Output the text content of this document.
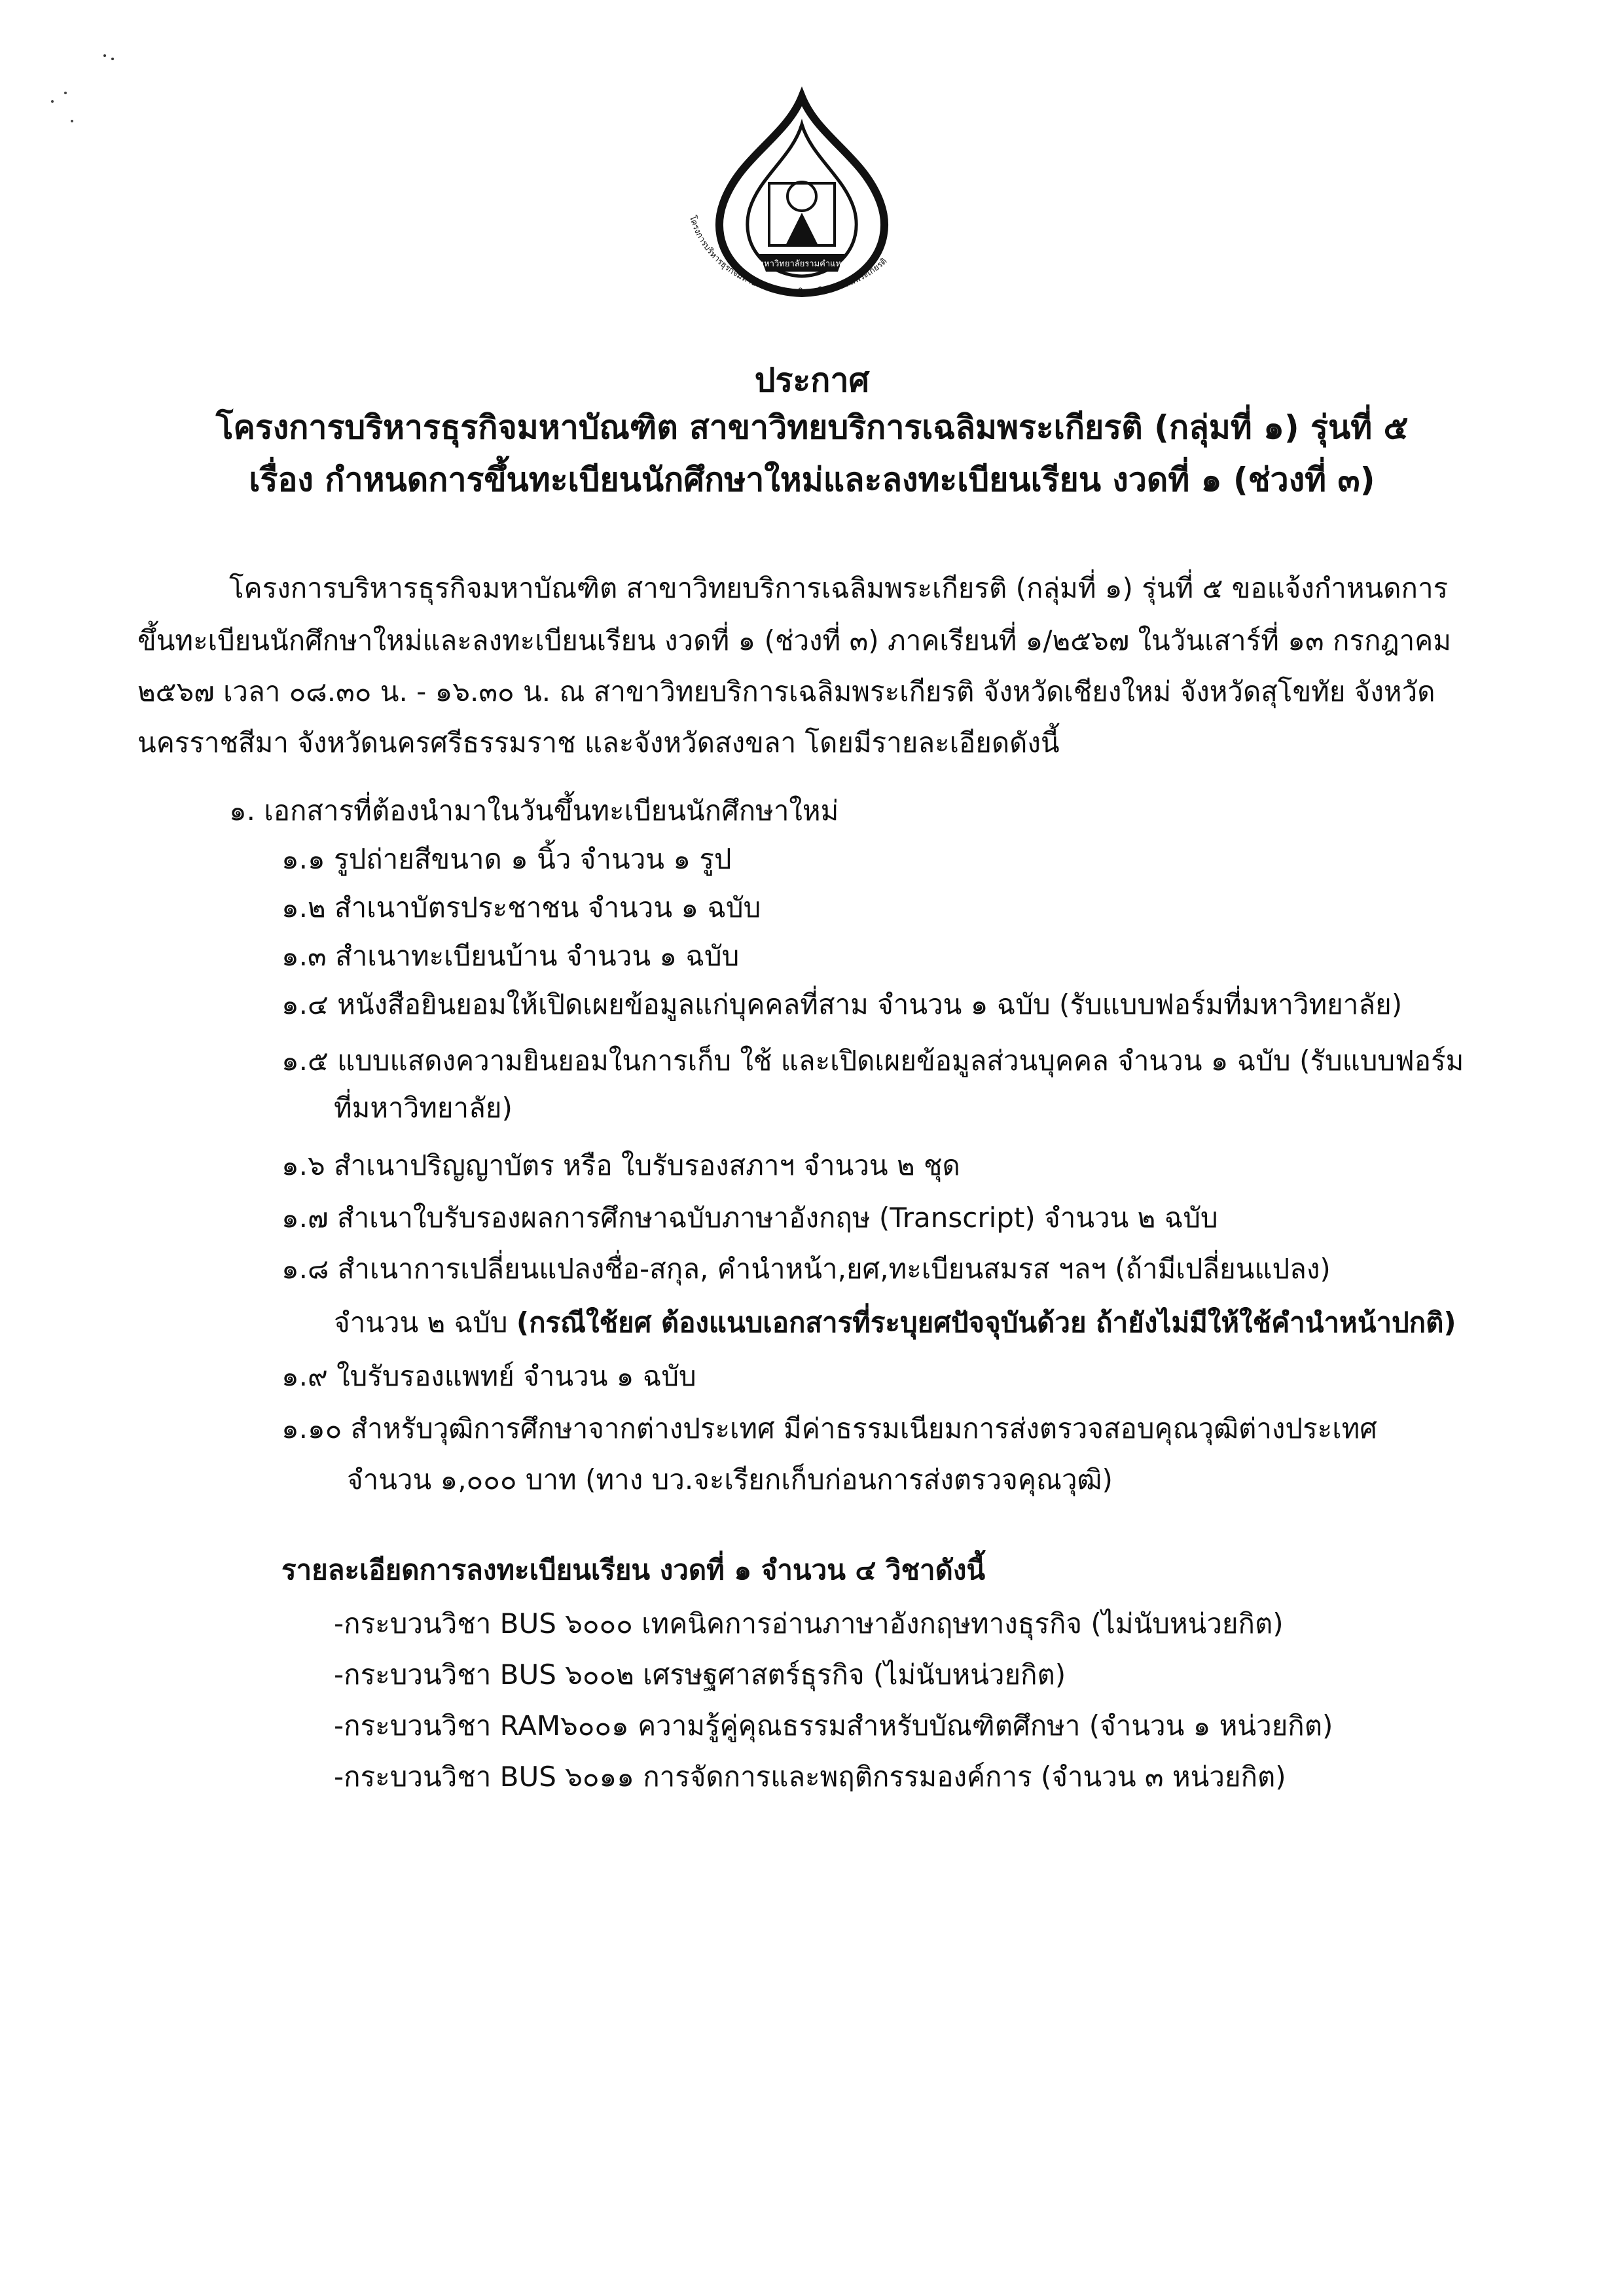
โครงการบริหารธุรกิจมหาบัณฑิต สาขาวิทยบริการเฉลิมพระเกียรติ
มหาวิทยาลัยรามคำแหง
ประกาศ
โครงการบริหารธุรกิจมหาบัณฑิต สาขาวิทยบริการเฉลิมพระเกียรติ (กลุ่มที่ ๑) รุ่นที่ ๕
เรื่อง กำหนดการขึ้นทะเบียนนักศึกษาใหม่และลงทะเบียนเรียน งวดที่ ๑ (ช่วงที่ ๓)
โครงการบริหารธุรกิจมหาบัณฑิต สาขาวิทยบริการเฉลิมพระเกียรติ (กลุ่มที่ ๑) รุ่นที่ ๕ ขอแจ้งกำหนดการ
ขึ้นทะเบียนนักศึกษาใหม่และลงทะเบียนเรียน งวดที่ ๑ (ช่วงที่ ๓) ภาคเรียนที่ ๑/๒๕๖๗ ในวันเสาร์ที่ ๑๓ กรกฎาคม
๒๕๖๗ เวลา ๐๘.๓๐ น. - ๑๖.๓๐ น. ณ สาขาวิทยบริการเฉลิมพระเกียรติ จังหวัดเชียงใหม่ จังหวัดสุโขทัย จังหวัด
นครราชสีมา จังหวัดนครศรีธรรมราช และจังหวัดสงขลา โดยมีรายละเอียดดังนี้
๑. เอกสารที่ต้องนำมาในวันขึ้นทะเบียนนักศึกษาใหม่
๑.๑ รูปถ่ายสีขนาด ๑ นิ้ว จำนวน ๑ รูป
๑.๒ สำเนาบัตรประชาชน จำนวน ๑ ฉบับ
๑.๓ สำเนาทะเบียนบ้าน จำนวน ๑ ฉบับ
๑.๔ หนังสือยินยอมให้เปิดเผยข้อมูลแก่บุคคลที่สาม จำนวน ๑ ฉบับ (รับแบบฟอร์มที่มหาวิทยาลัย)
๑.๕ แบบแสดงความยินยอมในการเก็บ ใช้ และเปิดเผยข้อมูลส่วนบุคคล จำนวน ๑ ฉบับ (รับแบบฟอร์ม
ที่มหาวิทยาลัย)
๑.๖ สำเนาปริญญาบัตร หรือ ใบรับรองสภาฯ จำนวน ๒ ชุด
๑.๗ สำเนาใบรับรองผลการศึกษาฉบับภาษาอังกฤษ (Transcript) จำนวน ๒ ฉบับ
๑.๘ สำเนาการเปลี่ยนแปลงชื่อ-สกุล, คำนำหน้า,ยศ,ทะเบียนสมรส ฯลฯ (ถ้ามีเปลี่ยนแปลง)
จำนวน ๒ ฉบับ (กรณีใช้ยศ ต้องแนบเอกสารที่ระบุยศปัจจุบันด้วย ถ้ายังไม่มีให้ใช้คำนำหน้าปกติ)
๑.๙ ใบรับรองแพทย์ จำนวน ๑ ฉบับ
๑.๑๐ สำหรับวุฒิการศึกษาจากต่างประเทศ มีค่าธรรมเนียมการส่งตรวจสอบคุณวุฒิต่างประเทศ
จำนวน ๑,๐๐๐ บาท (ทาง บว.จะเรียกเก็บก่อนการส่งตรวจคุณวุฒิ)
รายละเอียดการลงทะเบียนเรียน งวดที่ ๑ จำนวน ๔ วิชาดังนี้
-กระบวนวิชา BUS ๖๐๐๐ เทคนิคการอ่านภาษาอังกฤษทางธุรกิจ (ไม่นับหน่วยกิต)
-กระบวนวิชา BUS ๖๐๐๒ เศรษฐศาสตร์ธุรกิจ (ไม่นับหน่วยกิต)
-กระบวนวิชา RAM๖๐๐๑ ความรู้คู่คุณธรรมสำหรับบัณฑิตศึกษา (จำนวน ๑ หน่วยกิต)
-กระบวนวิชา BUS ๖๐๑๑ การจัดการและพฤติกรรมองค์การ (จำนวน ๓ หน่วยกิต)
